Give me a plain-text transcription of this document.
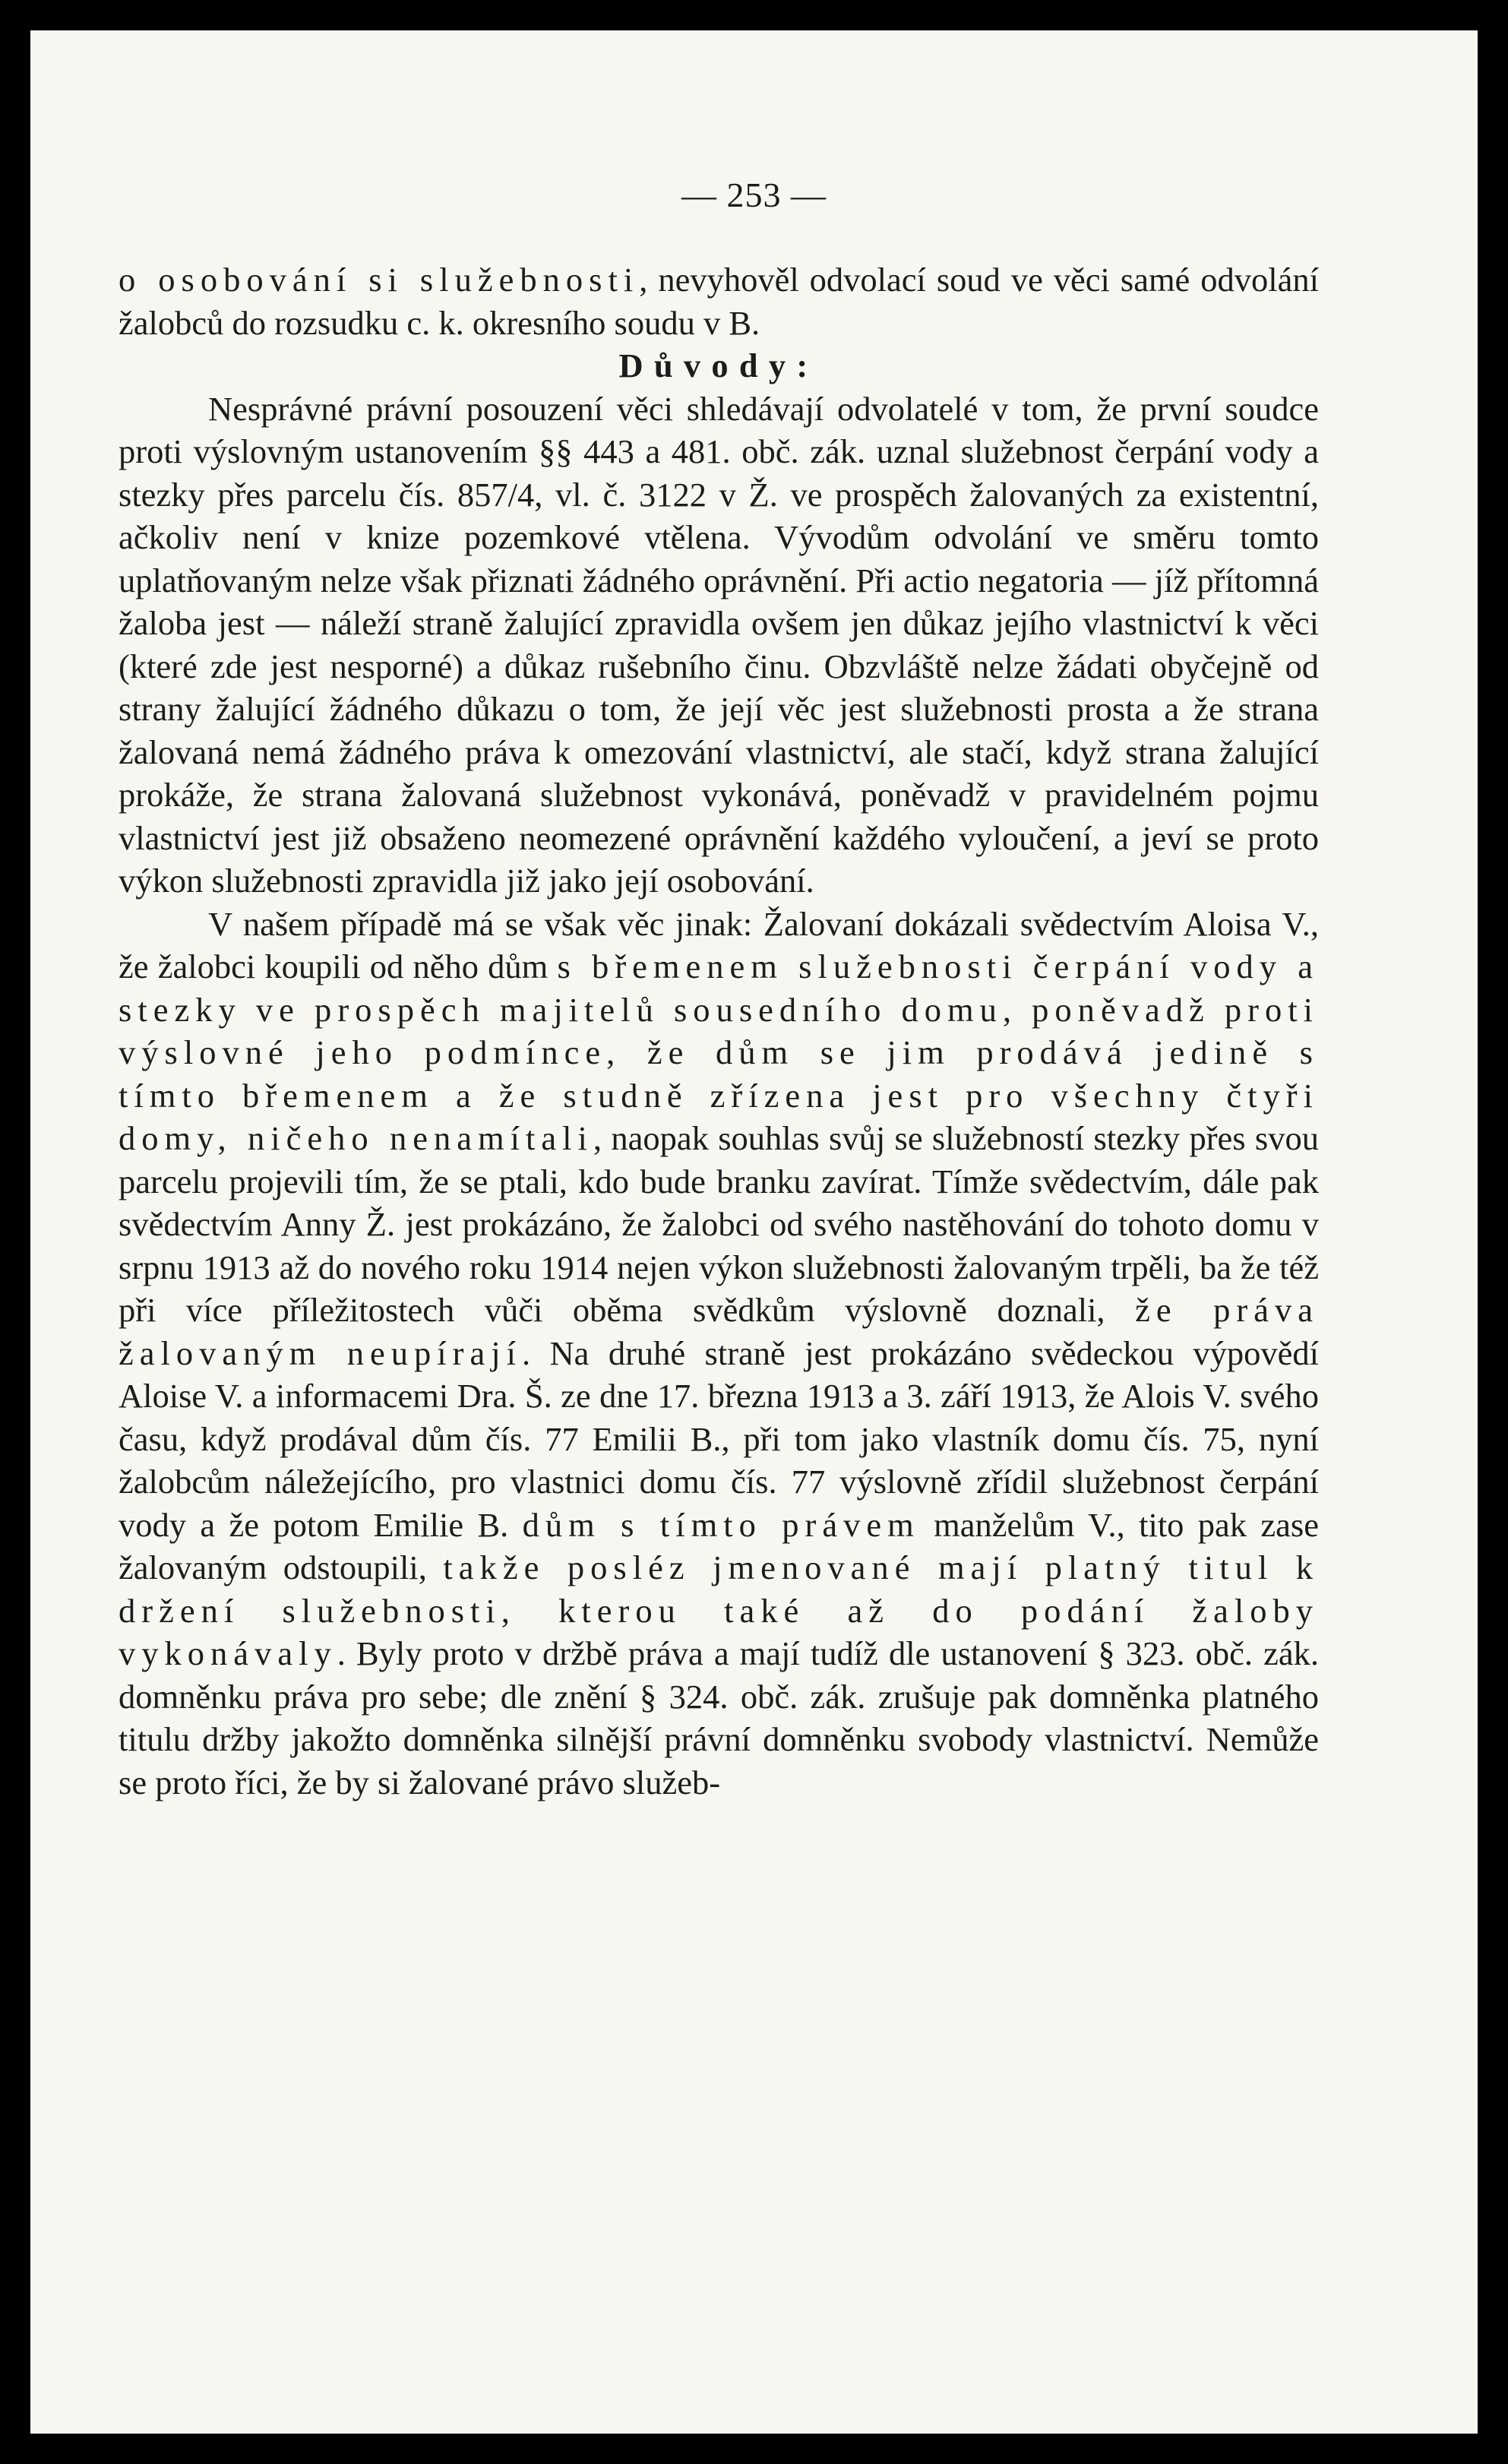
— 253 —

o osobování si služebnosti, nevyhověl odvolací soud ve věci samé odvolání žalobců do rozsudku c. k. okresního soudu v B.

Důvody:

Nesprávné právní posouzení věci shledávají odvolatelé v tom, že první soudce proti výslovným ustanovením §§ 443 a 481. obč. zák. uznal služebnost čerpání vody a stezky přes parcelu čís. 857/4, vl. č. 3122 v Ž. ve prospěch žalovaných za existentní, ačkoliv není v knize pozemkové vtělena. Vývodům odvolání ve směru tomto uplatňovaným nelze však přiznati žádného oprávnění. Při actio negatoria — jíž přítomná žaloba jest — náleží straně žalující zpravidla ovšem jen důkaz jejího vlastnictví k věci (které zde jest nesporné) a důkaz rušebního činu. Obzvláště nelze žádati obyčejně od strany žalující žádného důkazu o tom, že její věc jest služebnosti prosta a že strana žalovaná nemá žádného práva k omezování vlastnictví, ale stačí, když strana žalující prokáže, že strana žalovaná služebnost vykonává, poněvadž v pravidelném pojmu vlastnictví jest již obsaženo neomezené oprávnění každého vyloučení, a jeví se proto výkon služebnosti zpravidla již jako její osobování.

V našem případě má se však věc jinak: Žalovaní dokázali svědectvím Aloisa V., že žalobci koupili od něho dům s břemenem služebnosti čerpání vody a stezky ve prospěch majitelů sousedního domu, poněvadž proti výslovné jeho podmínce, že dům se jim prodává jedině s tímto břemenem a že studně zřízena jest pro všechny čtyři domy, ničeho nenamítali, naopak souhlas svůj se služebností stezky přes svou parcelu projevili tím, že se ptali, kdo bude branku zavírat. Tímže svědectvím, dále pak svědectvím Anny Ž. jest prokázáno, že žalobci od svého nastěhování do tohoto domu v srpnu 1913 až do nového roku 1914 nejen výkon služebnosti žalovaným trpěli, ba že též při více příležitostech vůči oběma svědkům výslovně doznali, že práva žalovaným neupírají. Na druhé straně jest prokázáno svědeckou výpovědí Aloise V. a informacemi Dra. Š. ze dne 17. března 1913 a 3. září 1913, že Alois V. svého času, když prodával dům čís. 77 Emilii B., při tom jako vlastník domu čís. 75, nyní žalobcům náležejícího, pro vlastnici domu čís. 77 výslovně zřídil služebnost čerpání vody a že potom Emilie B. dům s tímto právem manželům V., tito pak zase žalovaným odstoupili, takže posléz jmenované mají platný titul k držení služebnosti, kterou také až do podání žaloby vykonávaly. Byly proto v držbě práva a mají tudíž dle ustanovení § 323. obč. zák. domněnku práva pro sebe; dle znění § 324. obč. zák. zrušuje pak domněnka platného titulu držby jakožto domněnka silnější právní domněnku svobody vlastnictví. Nemůže se proto říci, že by si žalované právo služeb-
